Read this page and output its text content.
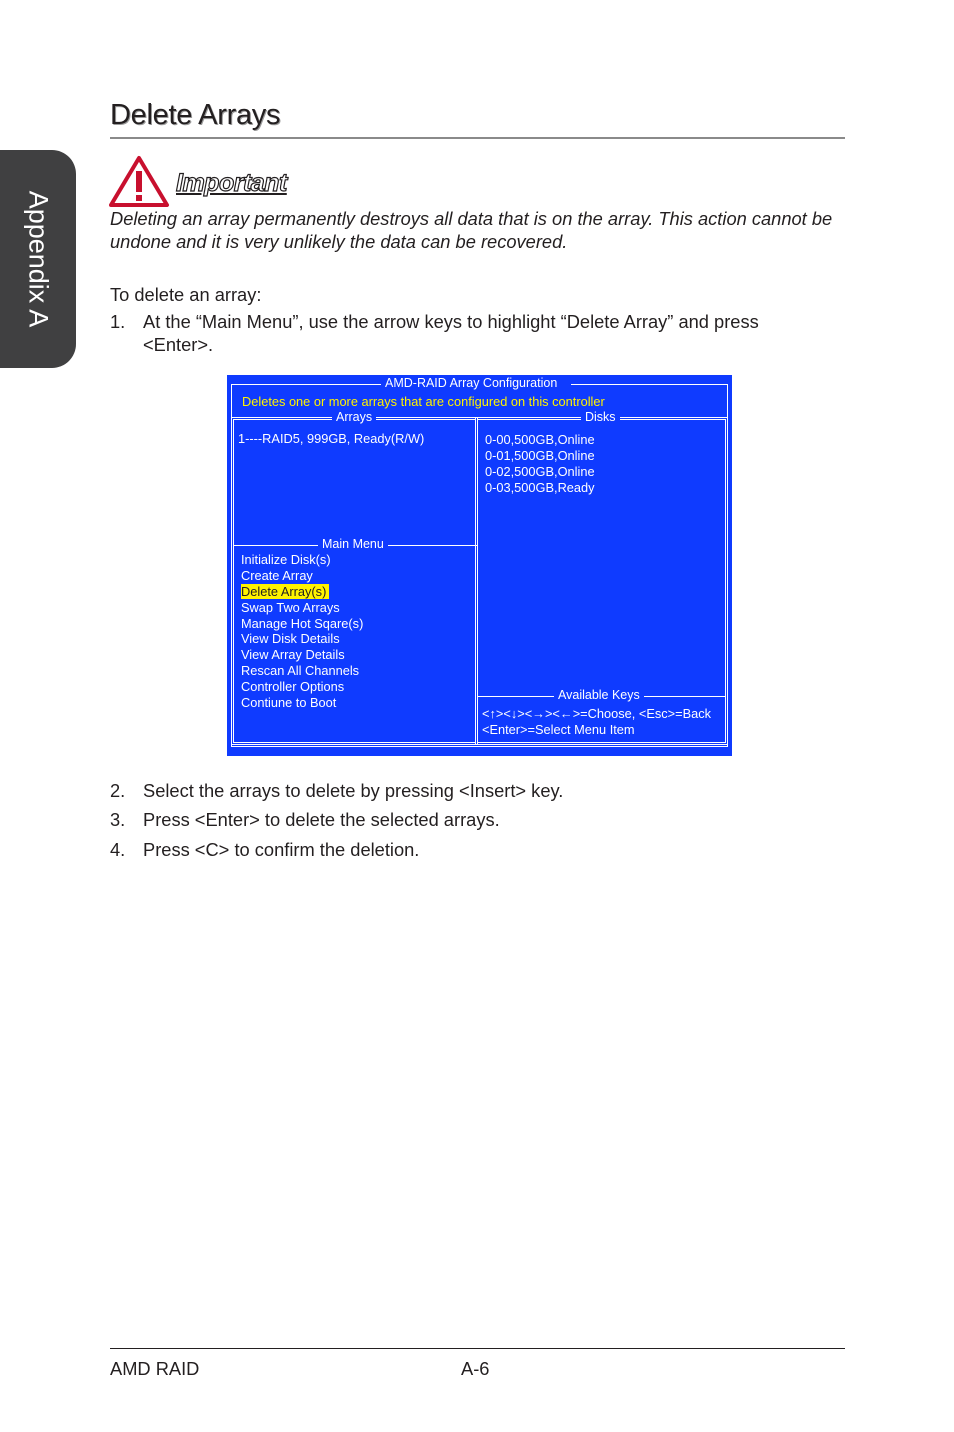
Appendix A
Delete Arrays
Important

Deleting an array permanently destroys all data that is on the array. This action cannot be undone and it is very unlikely the data can be recovered.

To delete an array:
1. At the “Main Menu”, use the arrow keys to highlight “Delete Array” and press <Enter>.
AMD-RAID Array Configuration
Deletes one or more arrays that are configured on this controller
Arrays
1----RAID5, 999GB, Ready(R/W)
Disks
0-00,500GB,Online
0-01,500GB,Online
0-02,500GB,Online
0-03,500GB,Ready
Main Menu
Initialize Disk(s)
Create Array
Delete Array(s)
Swap Two Arrays
Manage Hot Sqare(s)
View Disk Details
View Array Details
Rescan All Channels
Controller Options
Contiune to Boot
Available Keys
<↑><↓><→><←>=Choose, <Esc>=Back
<Enter>=Select Menu Item
2. Select the arrays to delete by pressing <Insert> key.
3. Press <Enter> to delete the selected arrays.
4. Press <C> to confirm the deletion.
AMD RAID	A-6
